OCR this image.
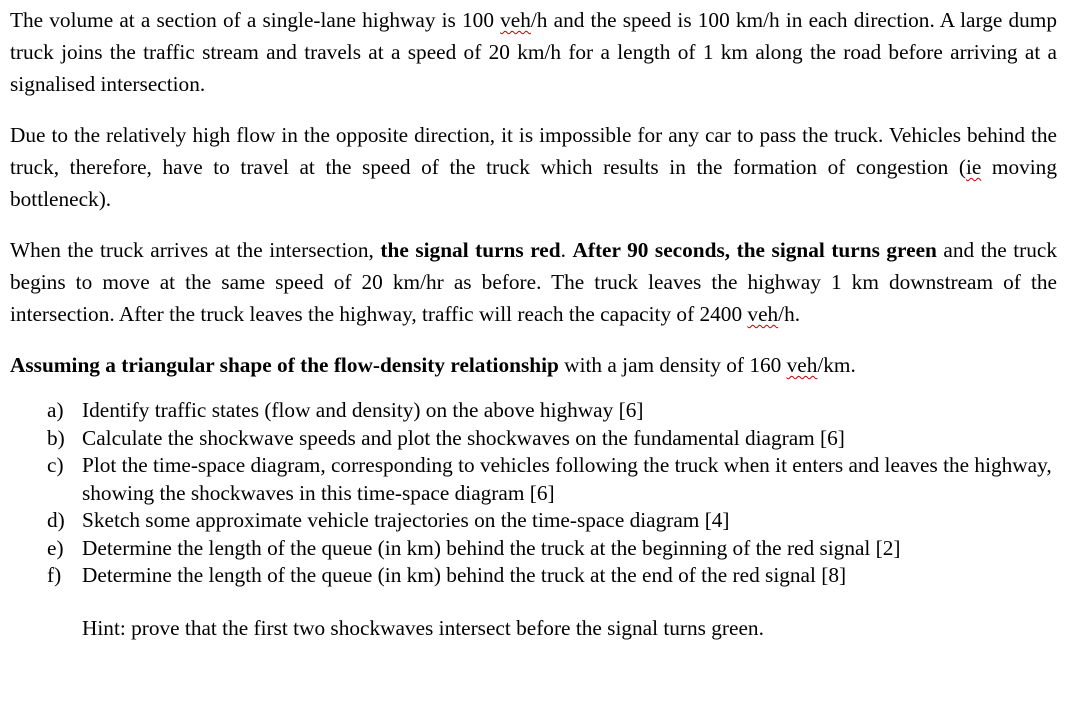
The volume at a section of a single-lane highway is 100 veh/h and the speed is 100 km/h in each direction. A large dump truck joins the traffic stream and travels at a speed of 20 km/h for a length of 1 km along the road before arriving at a signalised intersection.

Due to the relatively high flow in the opposite direction, it is impossible for any car to pass the truck. Vehicles behind the truck, therefore, have to travel at the speed of the truck which results in the formation of congestion (ie moving bottleneck).

When the truck arrives at the intersection, the signal turns red. After 90 seconds, the signal turns green and the truck begins to move at the same speed of 20 km/hr as before. The truck leaves the highway 1 km downstream of the intersection. After the truck leaves the highway, traffic will reach the capacity of 2400 veh/h.

Assuming a triangular shape of the flow-density relationship with a jam density of 160 veh/km.

a) Identify traffic states (flow and density) on the above highway [6]
b) Calculate the shockwave speeds and plot the shockwaves on the fundamental diagram [6]
c) Plot the time-space diagram, corresponding to vehicles following the truck when it enters and leaves the highway, showing the shockwaves in this time-space diagram [6]
d) Sketch some approximate vehicle trajectories on the time-space diagram [4]
e) Determine the length of the queue (in km) behind the truck at the beginning of the red signal [2]
f) Determine the length of the queue (in km) behind the truck at the end of the red signal [8]

Hint: prove that the first two shockwaves intersect before the signal turns green.
